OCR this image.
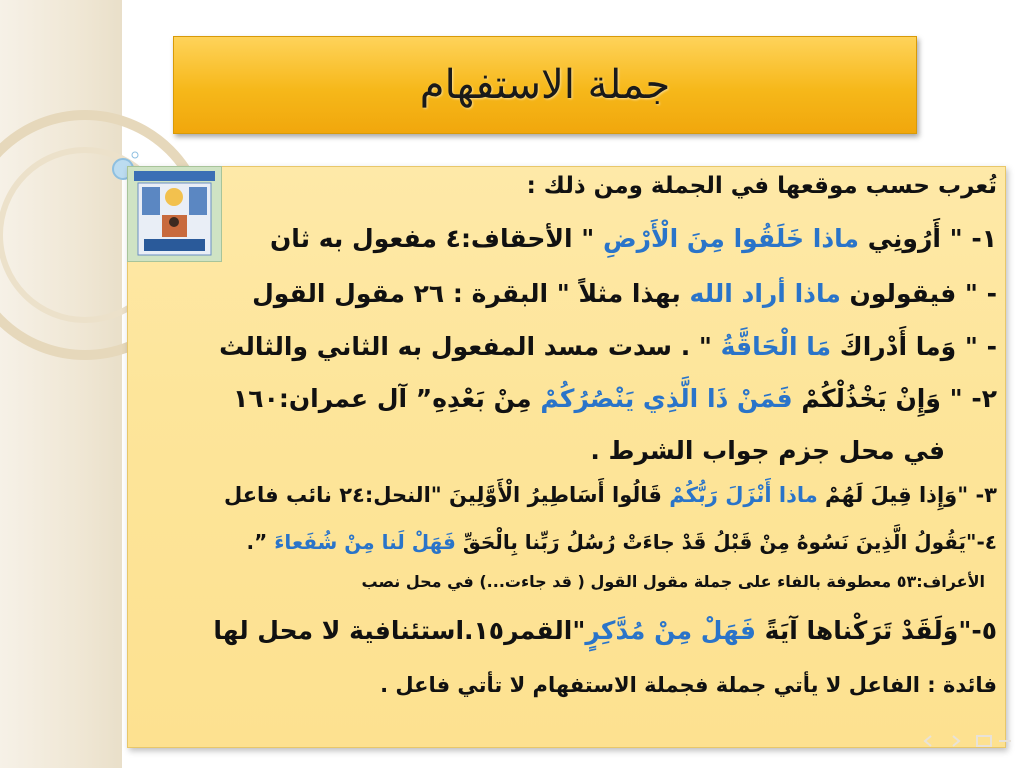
جملة الاستفهام
تُعرب حسب موقعها في الجملة ومن ذلك :
١- " أَرُونِي ماذا خَلَقُوا مِنَ الْأَرْضِ " الأحقاف:٤ مفعول به ثان
- " فيقولون ماذا أراد الله بهذا مثلاً " البقرة : ٢٦ مقول القول
- " وَما أَدْراكَ مَا الْحَاقَّةُ " . سدت مسد المفعول به الثاني والثالث
٢- " وَإِنْ يَخْذُلْكُمْ فَمَنْ ذَا الَّذِي يَنْصُرُكُمْ مِنْ بَعْدِهِ” آل عمران:١٦٠
في محل جزم جواب الشرط .
٣- "وَإِذا قِيلَ لَهُمْ ماذا أَنْزَلَ رَبُّكُمْ قَالُوا أَسَاطِيرُ الْأَوَّلِينَ "النحل:٢٤ نائب فاعل
٤-"يَقُولُ الَّذِينَ نَسُوهُ مِنْ قَبْلُ قَدْ جاءَتْ رُسُلُ رَبِّنا بِالْحَقِّ فَهَلْ لَنا مِنْ شُفَعاءَ ”.
الأعراف:٥٣ معطوفة بالفاء على جملة مقول القول ( قد جاءت...) في محل نصب
٥-"وَلَقَدْ تَرَكْناها آيَةً فَهَلْ مِنْ مُدَّكِرٍ"القمر١٥.استئنافية لا محل لها
فائدة : الفاعل لا يأتي جملة فجملة الاستفهام لا تأتي فاعل .
